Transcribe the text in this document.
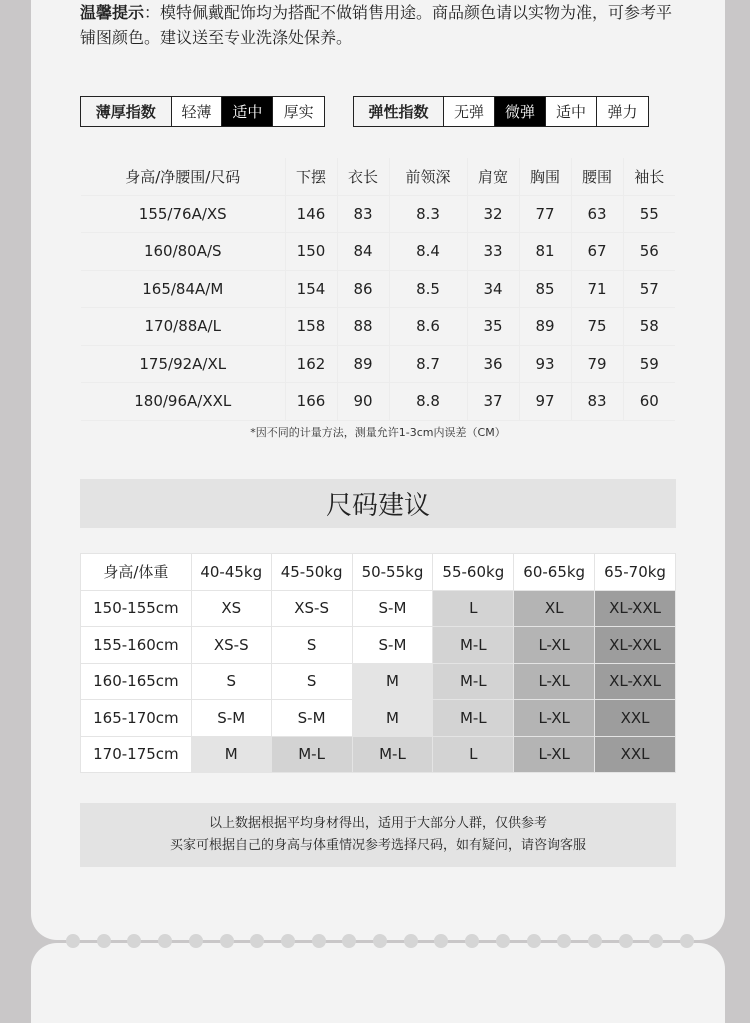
温馨提示：模特佩戴配饰均为搭配不做销售用途。商品颜色请以实物为准，可参考平铺图颜色。建议送至专业洗涤处保养。
薄厚指数	轻薄	适中	厚实	弹性指数	无弹	微弹	适中	弹力
身高/净腰围/尺码	下摆	衣长	前领深	肩宽	胸围	腰围	袖长
155/76A/XS	146	83	8.3	32	77	63	55
160/80A/S	150	84	8.4	33	81	67	56
165/84A/M	154	86	8.5	34	85	71	57
170/88A/L	158	88	8.6	35	89	75	58
175/92A/XL	162	89	8.7	36	93	79	59
180/96A/XXL	166	90	8.8	37	97	83	60
*因不同的计量方法，测量允许1-3cm内误差（CM）
尺码建议
身高/体重	40-45kg	45-50kg	50-55kg	55-60kg	60-65kg	65-70kg
150-155cm	XS	XS-S	S-M	L	XL	XL-XXL
155-160cm	XS-S	S	S-M	M-L	L-XL	XL-XXL
160-165cm	S	S	M	M-L	L-XL	XL-XXL
165-170cm	S-M	S-M	M	M-L	L-XL	XXL
170-175cm	M	M-L	M-L	L	L-XL	XXL
以上数据根据平均身材得出，适用于大部分人群，仅供参考
买家可根据自己的身高与体重情况参考选择尺码，如有疑问，请咨询客服
